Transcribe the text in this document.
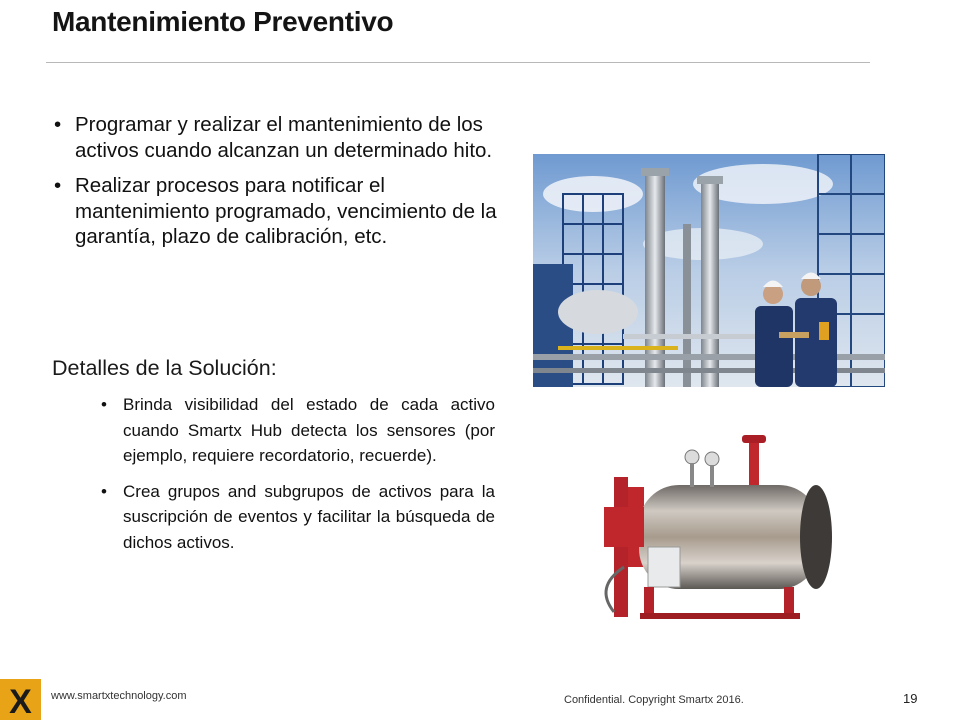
Mantenimiento Preventivo
• Programar y realizar el mantenimiento de los activos cuando alcanzan un determinado hito.
• Realizar procesos para notificar el mantenimiento programado, vencimiento de la garantía, plazo de calibración, etc.
Detalles de la Solución:
• Brinda visibilidad del estado de cada activo cuando Smartx Hub detecta los sensores (por ejemplo, requiere recordatorio, recuerde).
• Crea grupos and subgrupos de activos para la suscripción de eventos y facilitar la búsqueda de dichos activos.
X www.smartxtechnology.com	Confidential. Copyright Smartx 2016.	19
